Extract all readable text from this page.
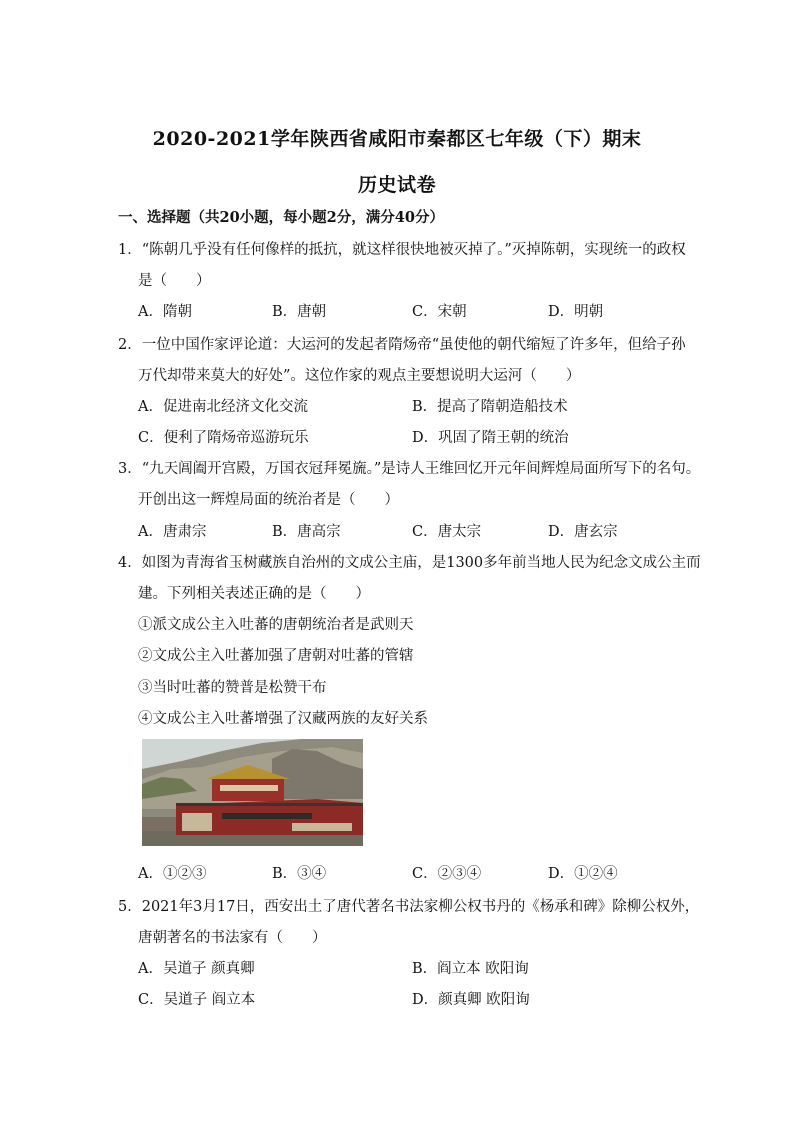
2020-2021学年陕西省咸阳市秦都区七年级（下）期末
历史试卷
一、选择题（共20小题，每小题2分，满分40分）
1．“陈朝几乎没有任何像样的抵抗，就这样很快地被灭掉了。”灭掉陈朝，实现统一的政权
是（　　）
A．隋朝	B．唐朝	C．宋朝	D．明朝
2．一位中国作家评论道：大运河的发起者隋炀帝“虽使他的朝代缩短了许多年，但给子孙
万代却带来莫大的好处”。这位作家的观点主要想说明大运河（　　）
A．促进南北经济文化交流	B．提高了隋朝造船技术
C．便利了隋炀帝巡游玩乐	D．巩固了隋王朝的统治
3．“九天阊阖开宫殿，万国衣冠拜冕旒。”是诗人王维回忆开元年间辉煌局面所写下的名句。
开创出这一辉煌局面的统治者是（　　）
A．唐肃宗	B．唐高宗	C．唐太宗	D．唐玄宗
4．如图为青海省玉树藏族自治州的文成公主庙，是1300多年前当地人民为纪念文成公主而
建。下列相关表述正确的是（　　）
①派文成公主入吐蕃的唐朝统治者是武则天
②文成公主入吐蕃加强了唐朝对吐蕃的管辖
③当时吐蕃的赞普是松赞干布
④文成公主入吐蕃增强了汉藏两族的友好关系
A．①②③	B．③④	C．②③④	D．①②④
5．2021年3月17日，西安出土了唐代著名书法家柳公权书丹的《杨承和碑》除柳公权外，
唐朝著名的书法家有（　　）
A．吴道子 颜真卿	B．阎立本 欧阳询
C．吴道子 阎立本	D．颜真卿 欧阳询
